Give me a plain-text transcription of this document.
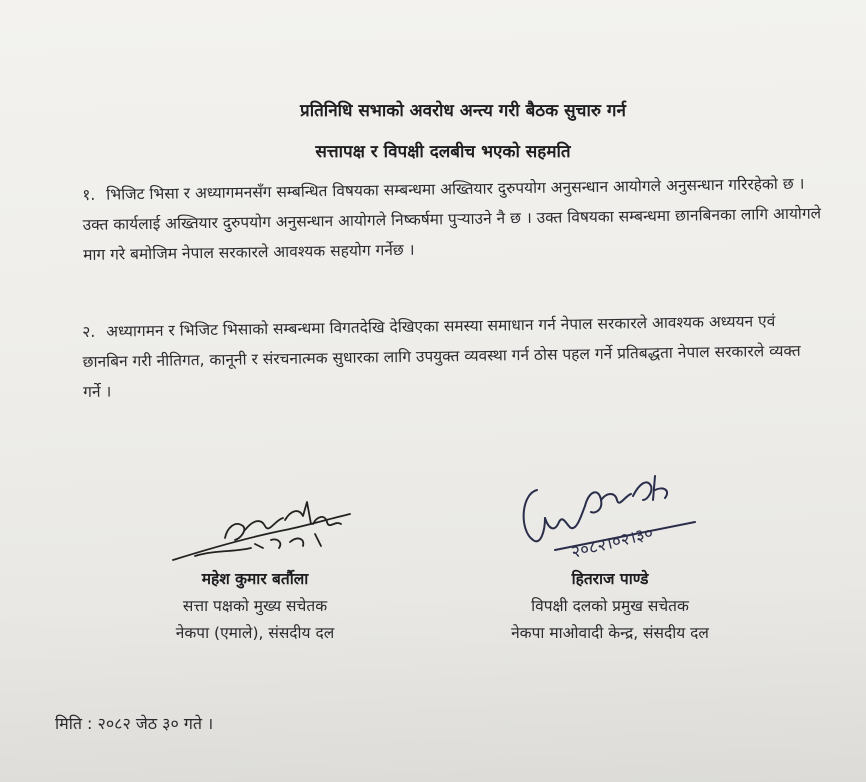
प्रतिनिधि सभाको अवरोध अन्त्य गरी बैठक सुचारु गर्न
सत्तापक्ष र विपक्षी दलबीच भएको सहमति
१. भिजिट भिसा र अध्यागमनसँग सम्बन्धित विषयका सम्बन्धमा अख्तियार दुरुपयोग अनुसन्धान आयोगले अनुसन्धान गरिरहेको छ । उक्त कार्यलाई अख्तियार दुरुपयोग अनुसन्धान आयोगले निष्कर्षमा पुऱ्याउने नै छ । उक्त विषयका सम्बन्धमा छानबिनका लागि आयोगले माग गरे बमोजिम नेपाल सरकारले आवश्यक सहयोग गर्नेछ ।
२. अध्यागमन र भिजिट भिसाको सम्बन्धमा विगतदेखि देखिएका समस्या समाधान गर्न नेपाल सरकारले आवश्यक अध्ययन एवं छानबिन गरी नीतिगत, कानूनी र संरचनात्मक सुधारका लागि उपयुक्त व्यवस्था गर्न ठोस पहल गर्ने प्रतिबद्धता नेपाल सरकारले व्यक्त गर्ने ।
२०८२।०२।३०
महेश कुमार बर्तौला
सत्ता पक्षको मुख्य सचेतक
नेकपा (एमाले), संसदीय दल
हितराज पाण्डे
विपक्षी दलको प्रमुख सचेतक
नेकपा माओवादी केन्द्र, संसदीय दल
मिति : २०८२ जेठ ३० गते ।
